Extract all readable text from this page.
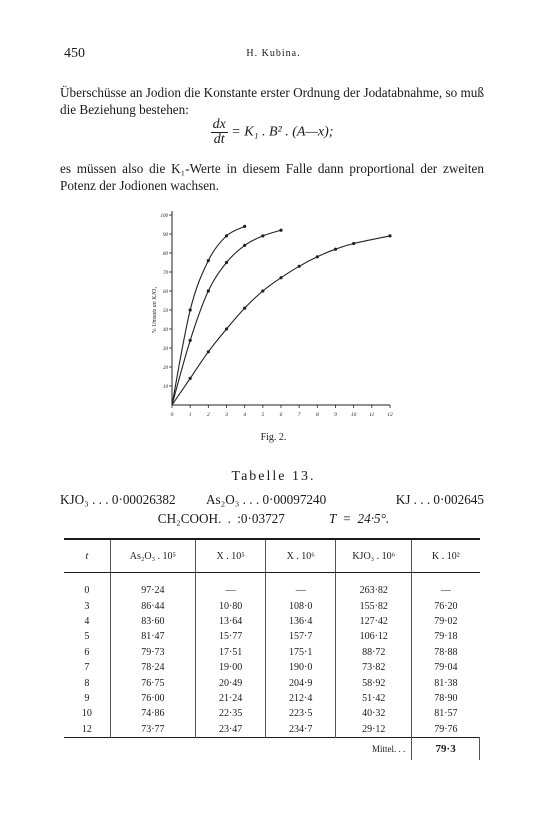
450	H. Kubina.
Überschüsse an Jodion die Konstante erster Ordnung der Jodatabnahme, so muß die Beziehung bestehen:
$\frac{dx}{dt} = K_1$ . B² . (A—x);
es müssen also die K₁-Werte in diesem Falle dann proportional der zweiten Potenz der Jodionen wachsen.
0	1	2	3	4	5	6	7	8	9	10 11 12
10
20
30
40
50
60
70
80
90
100
% Umsatz an KJO₃
Fig. 2.
Tabelle 13.
KJO₃ . . . 0·00026382 As₂O₃ . . . 0·00097240	KJ . . . 0·002645
CH₂COOH. . :0·03727	T = 24·5°.
t	As₂O₃ . 10⁵	X . 10⁵	X . 10⁶	KJO₃ . 10⁶	K . 10²
0	97·24	—	—	263·82	—
3	86·44	10·80	108·0	155·82	76·20
4	83·60	13·64	136·4	127·42	79·02
5	81·47	15·77	157·7	106·12	79·18
6	79·73	17·51	175·1	88·72	78·88
7	78·24	19·00	190·0	73·82	79·04
8	76·75	20·49	204·9	58·92	81·38
9	76·00	21·24	212·4	51·42	78·90
10	74·86	22·35	223·5	40·32	81·57
12	73·77	23·47	234·7	29·12	79·76
			Mittel. . .		79·3
